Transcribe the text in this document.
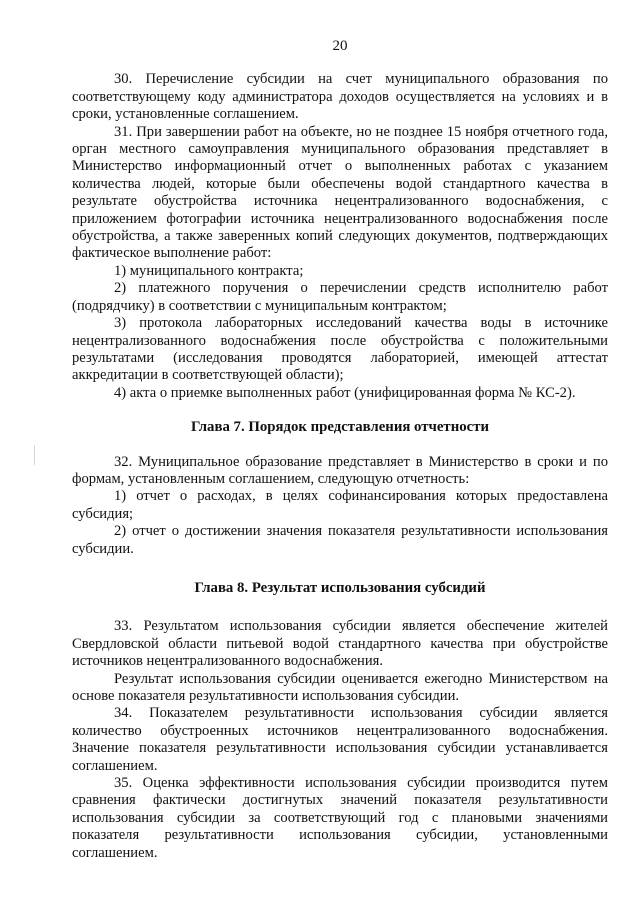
20

30. Перечисление субсидии на счет муниципального образования по соответствующему коду администратора доходов осуществляется на условиях и в сроки, установленные соглашением.

31. При завершении работ на объекте, но не позднее 15 ноября отчетного года, орган местного самоуправления муниципального образования представляет в Министерство информационный отчет о выполненных работах с указанием количества людей, которые были обеспечены водой стандартного качества в результате обустройства источника нецентрализованного водоснабжения, с приложением фотографии источника нецентрализованного водоснабжения после обустройства, а также заверенных копий следующих документов, подтверждающих фактическое выполнение работ:

1) муниципального контракта;

2) платежного поручения о перечислении средств исполнителю работ (подрядчику) в соответствии с муниципальным контрактом;

3) протокола лабораторных исследований качества воды в источнике нецентрализованного водоснабжения после обустройства с положительными результатами (исследования проводятся лабораторией, имеющей аттестат аккредитации в соответствующей области);

4) акта о приемке выполненных работ (унифицированная форма № КС-2).

Глава 7. Порядок представления отчетности

32. Муниципальное образование представляет в Министерство в сроки и по формам, установленным соглашением, следующую отчетность:

1) отчет о расходах, в целях софинансирования которых предоставлена субсидия;

2) отчет о достижении значения показателя результативности использования субсидии.

Глава 8. Результат использования субсидий

33. Результатом использования субсидии является обеспечение жителей Свердловской области питьевой водой стандартного качества при обустройстве источников нецентрализованного водоснабжения.

Результат использования субсидии оценивается ежегодно Министерством на основе показателя результативности использования субсидии.

34. Показателем результативности использования субсидии является количество обустроенных источников нецентрализованного водоснабжения. Значение показателя результативности использования субсидии устанавливается соглашением.

35. Оценка эффективности использования субсидии производится путем сравнения фактически достигнутых значений показателя результативности использования субсидии за соответствующий год с плановыми значениями показателя результативности использования субсидии, установленными соглашением.
